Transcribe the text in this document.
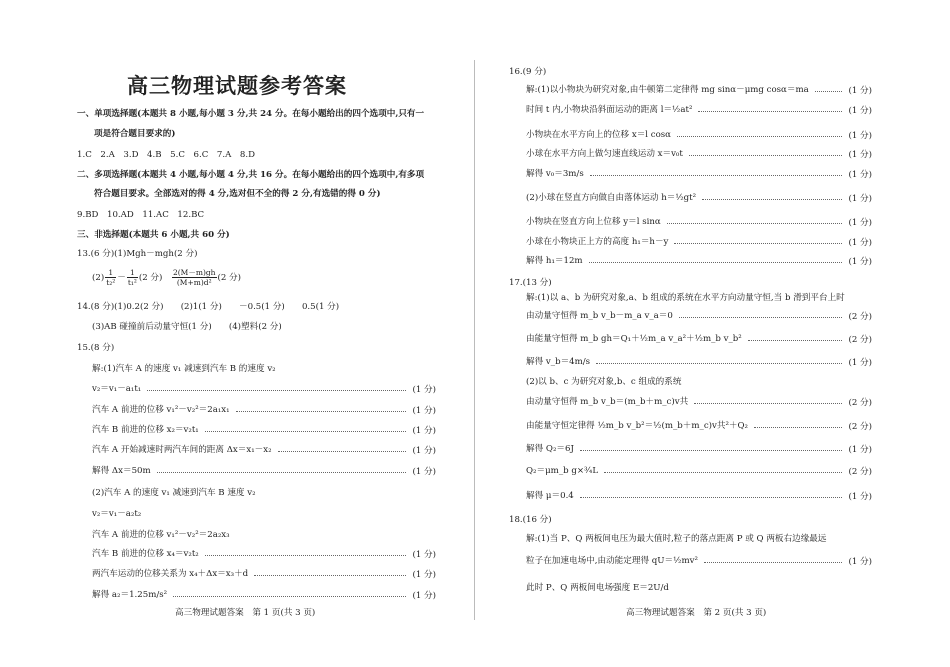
高三物理试题参考答案
一、单项选择题(本题共 8 小题,每小题 3 分,共 24 分。在每小题给出的四个选项中,只有一
项是符合题目要求的)
1.C　2.A　3.D　4.B　5.C　6.C　7.A　8.D
二、多项选择题(本题共 4 小题,每小题 4 分,共 16 分。在每小题给出的四个选项中,有多项
符合题目要求。全部选对的得 4 分,选对但不全的得 2 分,有选错的得 0 分)
9.BD　10.AD　11.AC　12.BC
三、非选择题(本题共 6 小题,共 60 分)
13.(6 分)(1)Mgh－mgh(2 分)
$(2) \frac{1}{\text{t₂²}} - \frac{1}{\text{t₁²}} (2$ 分)　 $\frac{2(M-m)gh}{\text{(M+m)d²}} (2$ 分)
14.(8 分)(1)0.2(2 分)　　(2)1(1 分)　　－0.5(1 分)　　0.5(1 分)
(3)AB 碰撞前后动量守恒(1 分)　　(4)塑料(2 分)
15.(8 分)
解:(1)汽车 A 的速度 v₁ 减速到汽车 B 的速度 v₂
v₂＝v₁－a₁t₁	(1 分)
汽车 A 前进的位移 v₁²－v₂²＝2a₁x₁	(1 分)
汽车 B 前进的位移 x₂＝v₂t₁	(1 分)
汽车 A 开始减速时两汽车间的距离 Δx＝x₁－x₂	(1 分)
解得 Δx＝50m	(1 分)
(2)汽车 A 的速度 v₁ 减速到汽车 B 速度 v₂
v₂＝v₁－a₂t₂
汽车 A 前进的位移 v₁²－v₂²＝2a₂x₃
汽车 B 前进的位移 x₄＝v₂t₂	(1 分)
两汽车运动的位移关系为 x₄＋Δx＝x₃＋d	(1 分)
解得 a₂＝1.25m/s²	(1 分)
高三物理试题答案　第 1 页(共 3 页)
16.(9 分)
解:(1)以小物块为研究对象,由牛顿第二定律得 mg sinα－μmg cosα＝ma	(1 分)
时间 t 内,小物块沿斜面运动的距离 l＝½at²	(1 分)
小物块在水平方向上的位移 x＝l cosα	(1 分)
小球在水平方向上做匀速直线运动 x＝v₀t	(1 分)
解得 v₀＝3m/s	(1 分)
(2)小球在竖直方向做自由落体运动 h＝½gt²	(1 分)
小物块在竖直方向上位移 y＝l sinα	(1 分)
小球在小物块正上方的高度 h₁＝h－y	(1 分)
解得 h₁＝12m	(1 分)
17.(13 分)
解:(1)以 a、b 为研究对象,a、b 组成的系统在水平方向动量守恒,当 b 滑到平台上时
由动量守恒得 m_b v_b－m_a v_a＝0	(2 分)
由能量守恒得 m_b gh＝Q₁＋½m_a v_a²＋½m_b v_b²	(2 分)
解得 v_b＝4m/s	(1 分)
(2)以 b、c 为研究对象,b、c 组成的系统
由动量守恒得 m_b v_b＝(m_b＋m_c)v共	(2 分)
由能量守恒定律得 ½m_b v_b²＝½(m_b＋m_c)v共²＋Q₂	(2 分)
解得 Q₂＝6J	(1 分)
Q₂＝μm_b g×¾L	(2 分)
解得 μ＝0.4	(1 分)
18.(16 分)
解:(1)当 P、Q 两板间电压为最大值时,粒子的落点距离 P 或 Q 两板右边缘最远
粒子在加速电场中,由动能定理得 qU＝½mv²	(1 分)
此时 P、Q 两板间电场强度 E＝2U/d
高三物理试题答案　第 2 页(共 3 页)
